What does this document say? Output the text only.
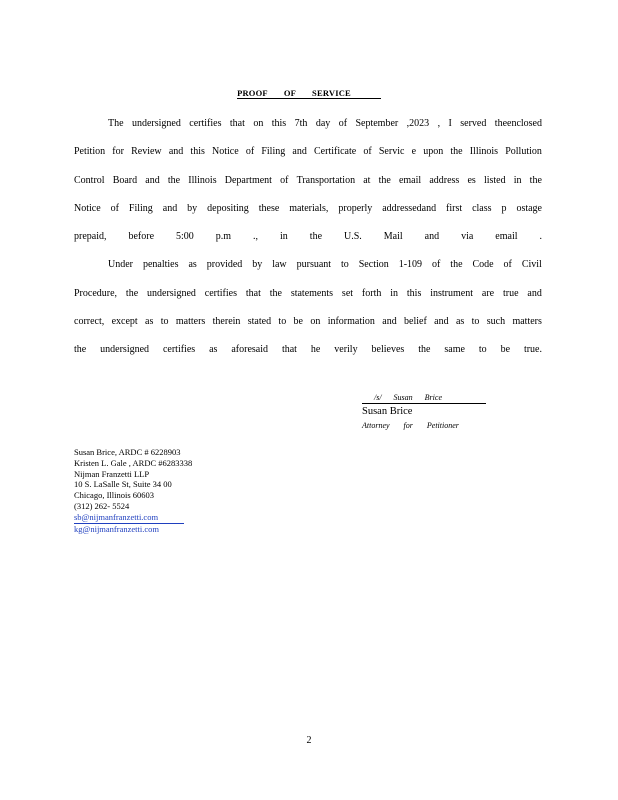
PROOF OF SERVICE
The undersigned certifies that on this 7th day of September ,2023 , I served theenclosed
Petition for Review and this Notice of Filing and Certificate of Servic e upon the Illinois Pollution
Control Board and the Illinois Department of Transportation at the email address es listed in the
Notice of Filing and by depositing these materials, properly addressedand first class p ostage
prepaid, before 5:00 p.m ., in the U.S. Mail and via email .
Under penalties as provided by law pursuant to Section 1-109 of the Code of Civil
Procedure, the undersigned certifies that the statements set forth in this instrument are true and
correct, except as to matters therein stated to be on information and belief and as to such matters
the undersigned certifies as aforesaid that he verily believes the same to be true.
/s/ Susan Brice
Susan Brice
Attorney for Petitioner
Susan Brice, ARDC # 6228903
Kristen L. Gale , ARDC #6283338
Nijman Franzetti LLP
10 S. LaSalle St, Suite 34 00
Chicago, Illinois 60603
(312) 262- 5524
sb@nijmanfranzetti.com
kg@nijmanfranzetti.com
2
